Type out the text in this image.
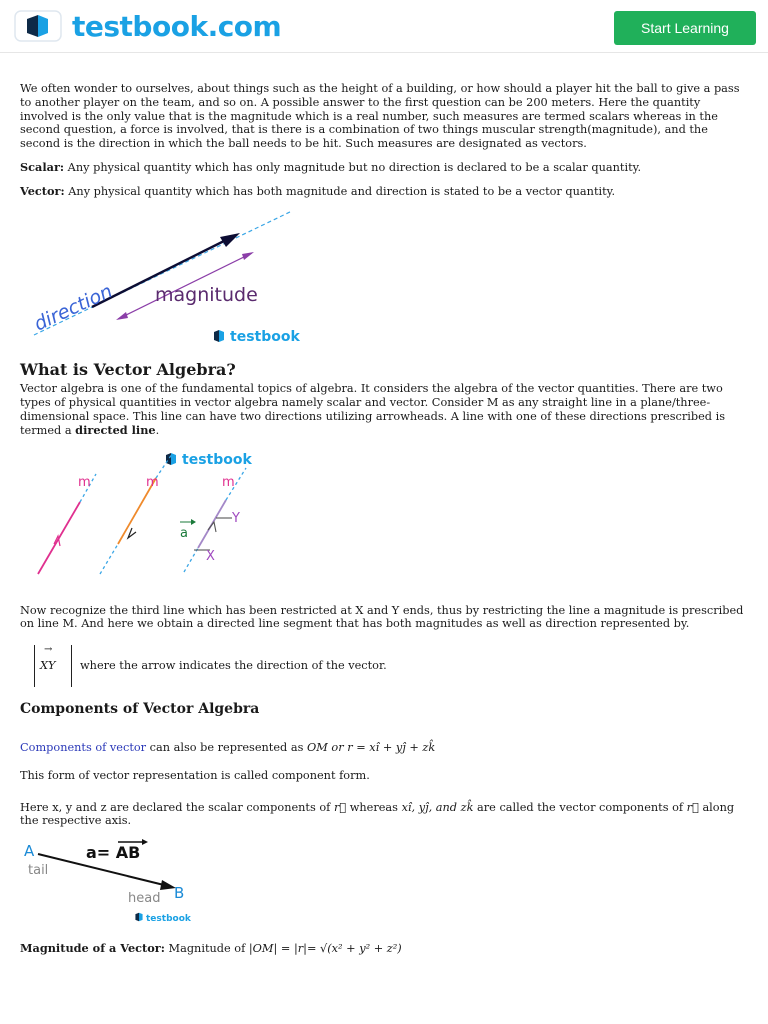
testbook.com	Start Learning

We often wonder to ourselves, about things such as the height of a building, or how should a player hit the ball to give a pass to another player on the team, and so on. A possible answer to the first question can be 200 meters. Here the quantity involved is the only value that is the magnitude which is a real number, such measures are termed scalars whereas in the second question, a force is involved, that is there is a combination of two things muscular strength(magnitude), and the second is the direction in which the ball needs to be hit. Such measures are designated as vectors.

Scalar: Any physical quantity which has only magnitude but no direction is declared to be a scalar quantity.

Vector: Any physical quantity which has both magnitude and direction is stated to be a vector quantity.

direction magnitude
testbook
What is Vector Algebra?

Vector algebra is one of the fundamental topics of algebra. It considers the algebra of the vector quantities. There are two types of physical quantities in vector algebra namely scalar and vector. Consider M as any straight line in a plane/three-dimensional space. This line can have two directions utilizing arrowheads. A line with one of these directions prescribed is termed a directed line.

testbook
m	m	m
a
Y
X

Now recognize the third line which has been restricted at X and Y ends, thus by restricting the line a magnitude is prescribed on line M. And here we obtain a directed line segment that has both magnitudes as well as direction represented by.

→
XY where the arrow indicates the direction of the vector.
Components of Vector Algebra

Components of vector can also be represented as OM or r = xî + yĵ + zk̂

This form of vector representation is called component form.

Here x, y and z are declared the scalar components of r⃗ whereas xî, yĵ, and zk̂ are called the vector components of r⃗ along the respective axis.

A
tail
a= AB
head B
testbook

Magnitude of a Vector: Magnitude of |OM| = |r|= √(x² + y² + z²)
